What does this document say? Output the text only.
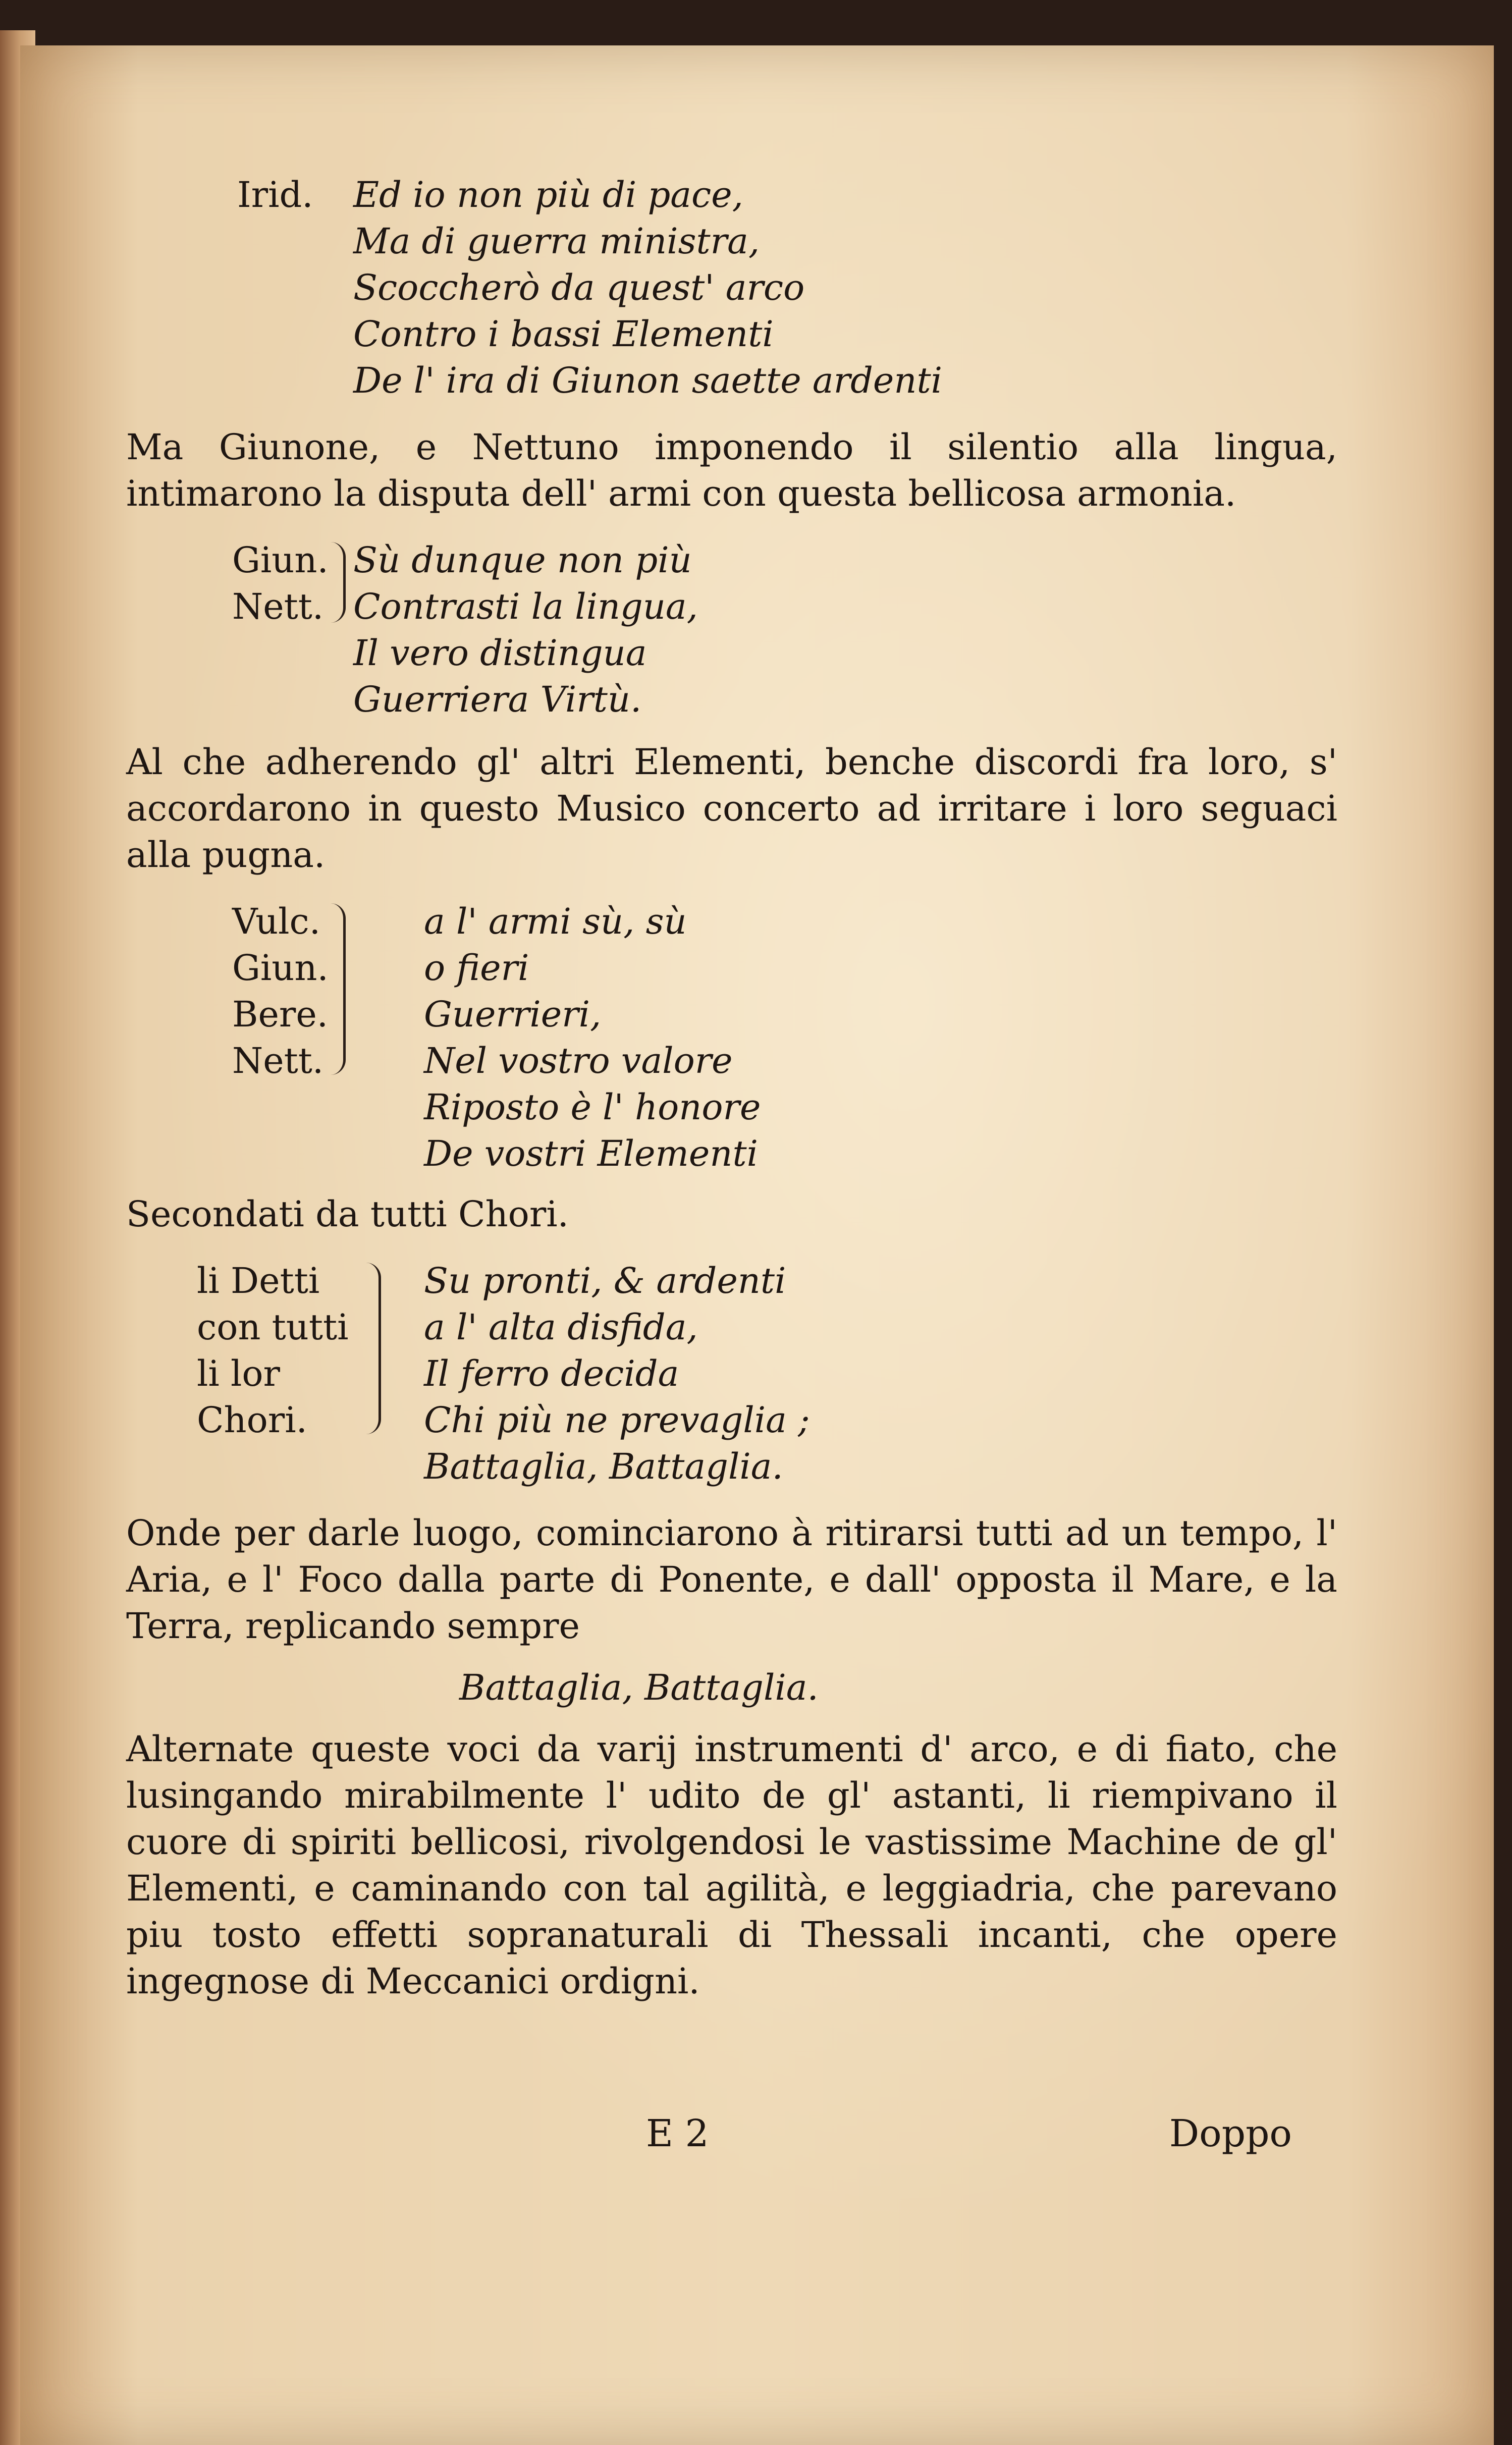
Irid. Ed io non più di pace,
Ma di guerra ministra,
Scoccherò da quest' arco
Contro i bassi Elementi
De l' ira di Giunon saette ardenti

Ma Giunone, e Nettuno imponendo il silentio alla lingua, intimarono la disputa dell' armi con questa bellicosa armonia.

Giun.
Nett.
Sù dunque non più
Contrasti la lingua,
Il vero distingua
Guerriera Virtù.

Al che adherendo gl' altri Elementi, benche discordi fra loro, s' accordarono in questo Musico concerto ad irritare i loro seguaci alla pugna.

Vulc.
Giun.
Bere.
Nett.
a l' armi sù, sù
o fieri
Guerrieri,
Nel vostro valore
Riposto è l' honore
De vostri Elementi

Secondati da tutti Chori.

li Detti
con tutti
li lor
Chori.
Su pronti, & ardenti
a l' alta disfida,
Il ferro decida
Chi più ne prevaglia ;
Battaglia, Battaglia.

Onde per darle luogo, cominciarono à ritirarsi tutti ad un tempo, l' Aria, e l' Foco dalla parte di Ponente, e dall' opposta il Mare, e la Terra, replicando sempre

Battaglia, Battaglia.

Alternate queste voci da varij instrumenti d' arco, e di fiato, che lusingando mirabilmente l' udito de gl' astanti, li riempivano il cuore di spiriti bellicosi, rivolgendosi le vastissime Machine de gl' Elementi, e caminando con tal agilità, e leggiadria, che parevano piu tosto effetti sopranaturali di Thessali incanti, che opere ingegnose di Meccanici ordigni.

E 2	Doppo
